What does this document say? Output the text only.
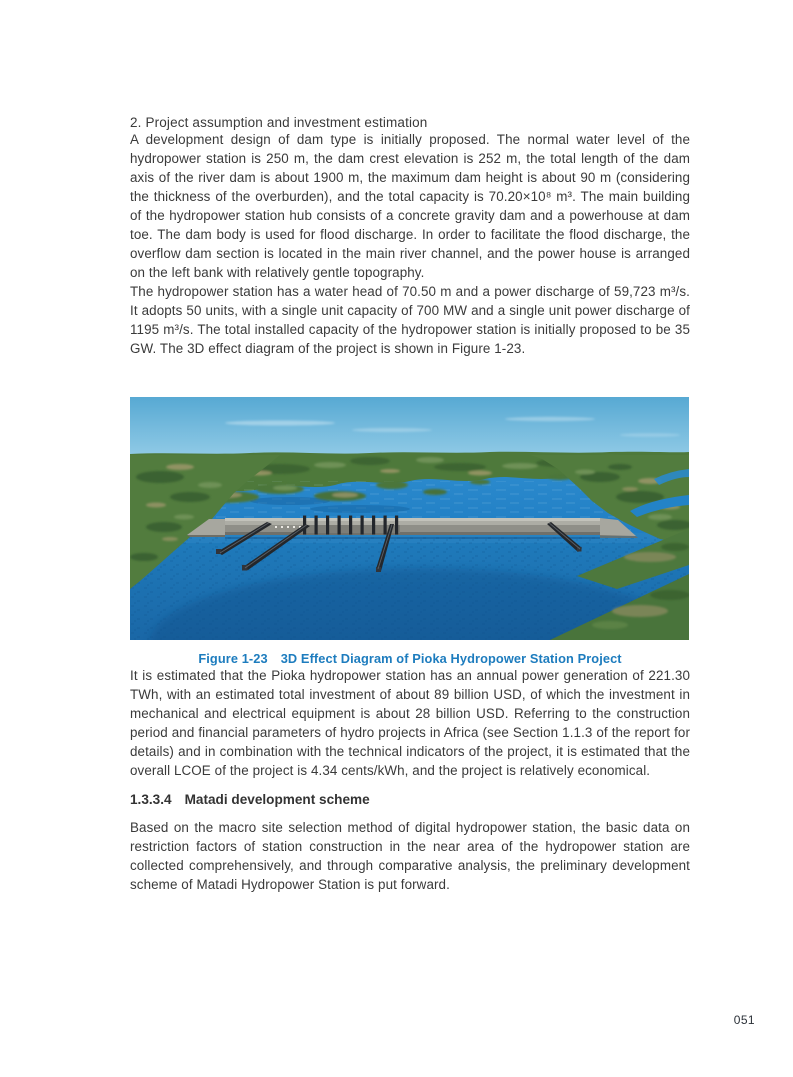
2. Project assumption and investment estimation

A development design of dam type is initially proposed. The normal water level of the hydropower station is 250 m, the dam crest elevation is 252 m, the total length of the dam axis of the river dam is about 1900 m, the maximum dam height is about 90 m (considering the thickness of the overburden), and the total capacity is 70.20×10⁸ m³. The main building of the hydropower station hub consists of a concrete gravity dam and a powerhouse at dam toe. The dam body is used for flood discharge. In order to facilitate the flood discharge, the overflow dam section is located in the main river channel, and the power house is arranged on the left bank with relatively gentle topography.

The hydropower station has a water head of 70.50 m and a power discharge of 59,723 m³/s. It adopts 50 units, with a single unit capacity of 700 MW and a single unit power discharge of 1195 m³/s. The total installed capacity of the hydropower station is initially proposed to be 35 GW. The 3D effect diagram of the project is shown in Figure 1-23.

Figure 1-23 3D Effect Diagram of Pioka Hydropower Station Project

It is estimated that the Pioka hydropower station has an annual power generation of 221.30 TWh, with an estimated total investment of about 89 billion USD, of which the investment in mechanical and electrical equipment is about 28 billion USD. Referring to the construction period and financial parameters of hydro projects in Africa (see Section 1.1.3 of the report for details) and in combination with the technical indicators of the project, it is estimated that the overall LCOE of the project is 4.34 cents/kWh, and the project is relatively economical.

1.3.3.4 Matadi development scheme

Based on the macro site selection method of digital hydropower station, the basic data on restriction factors of station construction in the near area of the hydropower station are collected comprehensively, and through comparative analysis, the preliminary development scheme of Matadi Hydropower Station is put forward.

051
